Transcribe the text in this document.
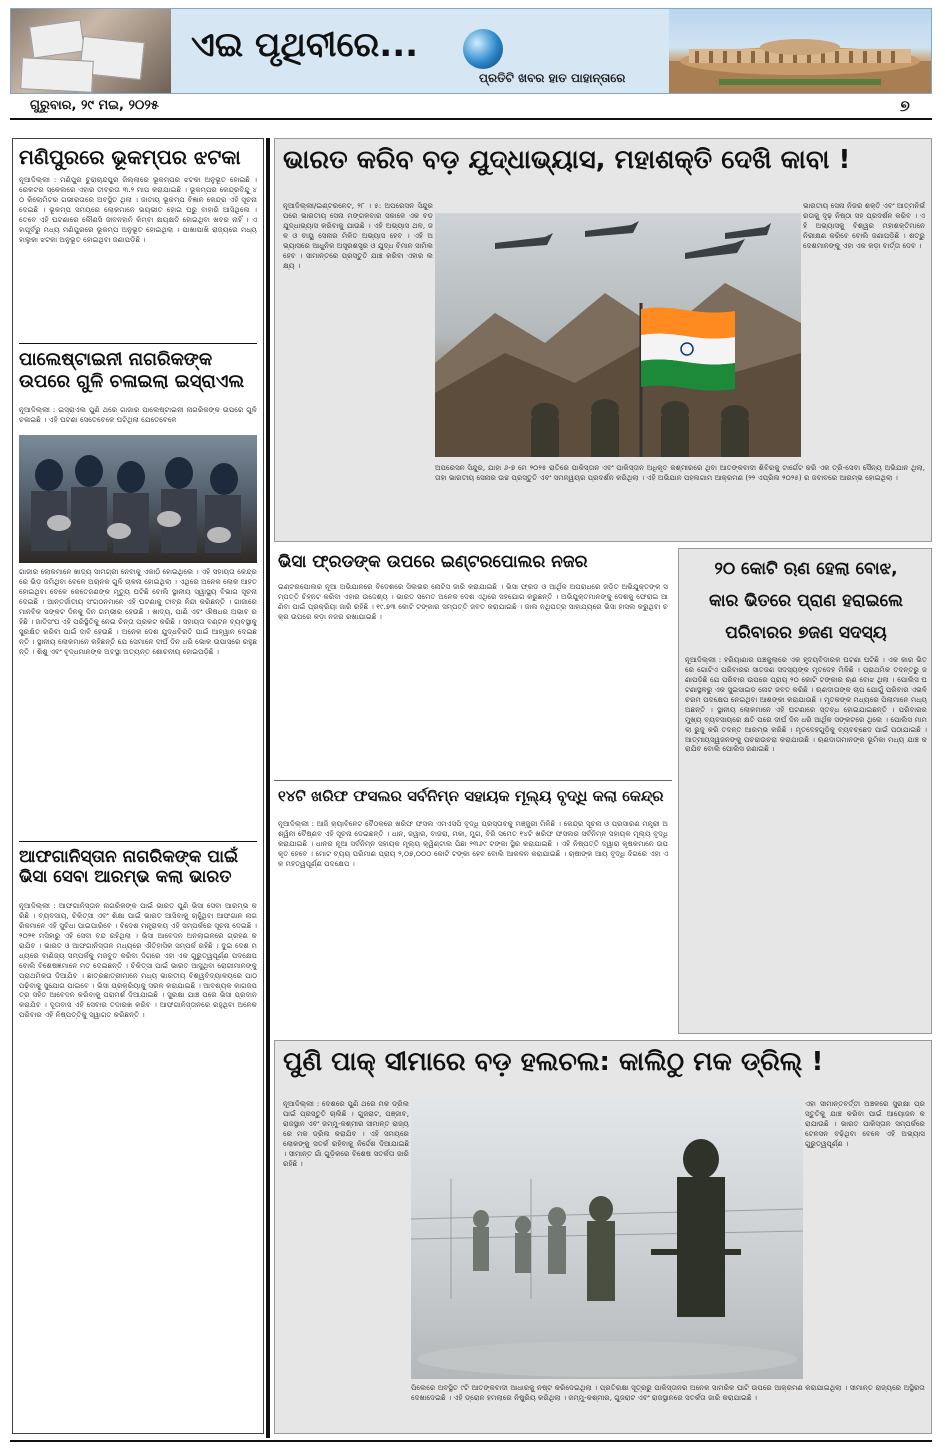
ଏଇ ପୃଥିବୀରେ...
ପ୍ରତିଟି ଖବର ହାତ ପାହାନ୍ତାରେ
ଗୁରୁବାର, ୨୯ ମଇ, ୨୦୨୫	୭
ମଣିପୁରରେ ଭୂକମ୍ପର ଝଟକା
ନୂଆଦିଲ୍ଲୀ : ମଣିପୁର ଚୁରାଚାନ୍ଦପୁର ଜିଲ୍ଲାରେ ଭୂକମ୍ପର ଝଟକା ଅନୁଭୂତ ହୋଇଛି । ରେକଟର ସ୍କେଲରେ ଏହାର ତୀବ୍ରତା ୩.୨ ମାପ କରାଯାଇଛି । ଭୂକମ୍ପର କେନ୍ଦ୍ରବିନ୍ଦୁ ୪୦ କିଲୋମିଟର ଗଭୀରତାରେ ଅବସ୍ଥିତ ଥିଲା । ଜାତୀୟ ଭୂକମ୍ପ ବିଜ୍ଞାନ କେନ୍ଦ୍ର ଏହି ସୂଚନା ଦେଇଛି । ଭୂକମ୍ପ ସମୟରେ ଲୋକମାନେ ଭୟଭୀତ ହୋଇ ଘରୁ ବାହାରି ଆସିଥିଲେ । ତେବେ ଏହି ଘଟଣାରେ କୌଣସି ଜୀବନହାନି କିମ୍ବା କ୍ଷୟକ୍ଷତି ହୋଇଥିବା ଖବର ନାହିଁ । ଏହାପୂର୍ବରୁ ମଧ୍ୟ ମଣିପୁରରେ ଭୂକମ୍ପ ଅନୁଭୂତ ହୋଇଥିଲା । ପାଖାପାଖି ରାଜ୍ୟରେ ମଧ୍ୟ ହାଲୁକା ଝଟକା ଅନୁଭୂତ ହୋଇଥିବା ଜଣାପଡ଼ିଛି ।
ପାଲେଷ୍ଟାଇନୀ ନାଗରିକଙ୍କ ଉପରେ ଗୁଳି ଚଳାଇଲା ଇସ୍ରାଏଲ
ନୂଆଦିଲ୍ଲୀ : ଇସ୍ରାଏଲ ପୁଣି ଥରେ ଗାଜାର ପାଲେଷ୍ଟାଇନୀ ନାଗରିକଙ୍କ ଉପରେ ଗୁଳି ଚଳାଇଛି । ଏହି ଘଟଣା ସେତେବେଳେ ଘଟିଥିଲା ଯେତେବେଳେ
ଗାଜାର ଲୋକମାନେ ଖାଦ୍ୟ ସାମଗ୍ରୀ ନେବାକୁ ଏକାଠି ହୋଇଥିଲେ । ଏହି ସହାୟତା କେନ୍ଦ୍ରରେ ଭିଡ଼ ଜମିଥିବା ବେଳେ ଅଚାନକ ଗୁଳି ଚାଳନା ହୋଇଥିଲା । ଏଥିରେ ଅନେକ ଲୋକ ଆହତ ହୋଇଥିବା ବେଳେ କେତେଜଣଙ୍କ ମୃତ୍ୟୁ ଘଟିଛି ବୋଲି ସ୍ଥାନୀୟ ସ୍ୱାସ୍ଥ୍ୟ ବିଭାଗ ସୂଚନା ଦେଇଛି । ଆନ୍ତର୍ଜାତୀୟ ସଂଗଠନମାନେ ଏହି ଘଟଣାକୁ ତୀବ୍ର ନିନ୍ଦା କରିଛନ୍ତି । ଗାଜାରେ ମାନବିକ ସଙ୍କଟ ଦିନକୁ ଦିନ ଗମ୍ଭୀର ହେଉଛି । ଖାଦ୍ୟ, ପାଣି ଏବଂ ଔଷଧର ଅଭାବ ରହିଛି । ଜାତିସଂଘ ଏହି ପରିସ୍ଥିତିକୁ ନେଇ ଚିନ୍ତା ପ୍ରକଟ କରିଛି । ସହାୟତା ବଣ୍ଟନ ବ୍ୟବସ୍ଥାକୁ ସୁରକ୍ଷିତ କରିବା ପାଇଁ ଦାବି ହେଉଛି । ଅନେକ ଦେଶ ଯୁଦ୍ଧବିରତି ପାଇଁ ଆହ୍ୱାନ ଦେଇଛନ୍ତି । ସ୍ଥାନୀୟ ଲୋକମାନେ କହିଛନ୍ତି ଯେ ସେମାନେ ଦୀର୍ଘ ଦିନ ଧରି ଭୋକ ଉପାସରେ ରହୁଛନ୍ତି । ଶିଶୁ ଏବଂ ବୃଦ୍ଧମାନଙ୍କ ଅବସ୍ଥା ଅତ୍ୟନ୍ତ ଶୋଚନୀୟ ହୋଇପଡ଼ିଛି ।
ଆଫଗାନିସ୍ତାନ ନାଗରିକଙ୍କ ପାଇଁ ଭିସା ସେବା ଆରମ୍ଭ କଲା ଭାରତ
ନୂଆଦିଲ୍ଲୀ : ଆଫଗାନିସ୍ତାନ ନାଗରିକଙ୍କ ପାଇଁ ଭାରତ ପୁଣି ଭିସା ସେବା ଆରମ୍ଭ କରିଛି । ବ୍ୟବସାୟ, ଚିକିତ୍ସା ଏବଂ ଶିକ୍ଷା ପାଇଁ ଭାରତ ଆସିବାକୁ ଚାହୁଁଥିବା ଆଫଗାନ ନାଗରିକମାନେ ଏହି ସୁବିଧା ପାଇପାରିବେ । ବିଦେଶ ମନ୍ତ୍ରାଳୟ ଏହି ସମ୍ପର୍କରେ ସୂଚନା ଦେଇଛି । ୨୦୨୧ ମସିହାରୁ ଏହି ସେବା ବନ୍ଦ ରହିଥିଲା । ଭିସା ଆବେଦନ ଅନଲାଇନରେ ଗ୍ରହଣ କରାଯିବ । ଭାରତ ଓ ଆଫଗାନିସ୍ତାନ ମଧ୍ୟରେ ଐତିହାସିକ ସମ୍ପର୍କ ରହିଛି । ଦୁଇ ଦେଶ ମଧ୍ୟରେ ବାଣିଜ୍ୟ ସମ୍ପର୍କକୁ ମଜବୁତ କରିବା ଦିଗରେ ଏହା ଏକ ଗୁରୁତ୍ୱପୂର୍ଣ୍ଣ ପଦକ୍ଷେପ ବୋଲି ବିଶେଷଜ୍ଞମାନେ ମତ ଦେଇଛନ୍ତି । ଚିକିତ୍ସା ପାଇଁ ଭାରତ ଆସୁଥିବା ରୋଗୀମାନଙ୍କୁ ପ୍ରାଥମିକତା ଦିଆଯିବ । ଛାତ୍ରଛାତ୍ରୀମାନେ ମଧ୍ୟ ଭାରତୀୟ ବିଶ୍ୱବିଦ୍ୟାଳୟରେ ପାଠ ପଢ଼ିବାକୁ ସୁଯୋଗ ପାଇବେ । ଭିସା ପ୍ରକ୍ରିୟାକୁ ସରଳ କରାଯାଇଛି । ଆବଶ୍ୟକ କାଗଜପତ୍ର ସହିତ ଆବେଦନ କରିବାକୁ ପରାମର୍ଶ ଦିଆଯାଇଛି । ସୁରକ୍ଷା ଯାଞ୍ଚ ପରେ ଭିସା ପ୍ରଦାନ କରାଯିବ । ଦୂତାବାସ ଏହି ସେବାର ତଦାରଖ କରିବ । ଆଫଗାନିସ୍ତାନରେ ରହୁଥିବା ଅନେକ ପରିବାର ଏହି ନିଷ୍ପତ୍ତିକୁ ସ୍ୱାଗତ କରିଛନ୍ତି ।
ଭାରତ କରିବ ବଡ଼ ଯୁଦ୍ଧାଭ୍ୟାସ, ମହାଶକ୍ତି ଦେଖି କାବା !
ନୂଆଦିଲ୍ଲୀ/ଇଣ୍ଟରନେଟ, ୨୮ । ୫: ଅପରେସନ ସିନ୍ଦୁର ପରେ ଭାରତୀୟ ସେନା ମଙ୍ଗଳବାର ସକାଳେ ଏକ ବଡ଼ ଯୁଦ୍ଧାଭ୍ୟାସ କରିବାକୁ ଯାଉଛି । ଏହି ଅଭ୍ୟାସ ଥଳ, ଜଳ ଓ ବାୟୁ ସେନାର ମିଳିତ ଅଭ୍ୟାସ ହେବ । ଏହି ଅଭ୍ୟାସରେ ଆଧୁନିକ ଅସ୍ତ୍ରଶସ୍ତ୍ର ଓ ଯୁଦ୍ଧ ବିମାନ ସାମିଲ ହେବ । ସୀମାନ୍ତରେ ପ୍ରସ୍ତୁତି ଯାଞ୍ଚ କରିବା ଏହାର ଲକ୍ଷ୍ୟ ।
ଭାରତୀୟ ସେନା ନିଜର ଶକ୍ତି ଏବଂ ଆତ୍ମନିର୍ଭରତାକୁ ଦୃଢ଼ ନିଷ୍ଠା ସହ ପ୍ରଦର୍ଶନ କରିବ । ଏହି ଅଭ୍ୟାସକୁ ବିଶ୍ୱର ମହାଶକ୍ତିମାନେ ନିରୀକ୍ଷଣ କରିବେ ବୋଲି ଜଣାପଡ଼ିଛି । ଶତ୍ରୁ ଦେଶମାନଙ୍କୁ ଏହା ଏକ କଡ଼ା ବାର୍ତ୍ତା ଦେବ ।
ଅପରେସନ ସିନ୍ଦୁର, ଯାହା ୬-୭ ମେ ୨୦୨୫ ରାତିରେ ପାକିସ୍ତାନ ଏବଂ ପାକିସ୍ତାନ ଅଧିକୃତ କଶ୍ମୀରରେ ଥିବା ଆତଙ୍କବାଦୀ ଶିବିରକୁ ଟାର୍ଗେଟ କରି ଏକ ତ୍ରି-ସେବା ସୈନ୍ୟ ଅଭିଯାନ ଥିଲା, ତାହା ଭାରତୀୟ ସେନାର ଉଚ୍ଚ ପ୍ରସ୍ତୁତି ଏବଂ ସମନ୍ୱୟର ପ୍ରଦର୍ଶନ କରିଥିଲା । ଏହି ଅଭିଯାନ ପହଲଗାମ ଆକ୍ରମଣ (୨୨ ଏପ୍ରିଲ ୨୦୨୫) ର ଜବାବରେ ଆରମ୍ଭ ହୋଇଥିଲା ।
ଭିସା ଫ୍ରଡଙ୍କ ଉପରେ ଇଣ୍ଟରପୋଲର ନଜର
ଇଣ୍ଟରପୋଲର ନୂଆ ଅଭିଯାନରେ ବିଦେଶରେ ସିଲଭର ନୋଟିସ ଜାରି କରାଯାଇଛି । ଭିସା ଫ୍ରଡ ଓ ଆର୍ଥିକ ଅପରାଧରେ ଜଡ଼ିତ ଅଭିଯୁକ୍ତଙ୍କ ସମ୍ପତ୍ତି ଚିହ୍ନଟ କରିବା ଏହାର ଉଦ୍ଦେଶ୍ୟ । ଭାରତ ସମେତ ଅନେକ ଦେଶ ଏଥିରେ ସହଯୋଗ କରୁଛନ୍ତି । ଅଭିଯୁକ୍ତମାନଙ୍କୁ ଦେଶକୁ ଫେରାଇ ଆଣିବା ପାଇଁ ପ୍ରକ୍ରିୟା ଜାରି ରହିଛି । ୧୯.୭୩ କୋଟି ଟଙ୍କାର ସମ୍ପତ୍ତି ଜବତ କରାଯାଇଛି । ଜାଲ ନଥିପତ୍ର ସାହାଯ୍ୟରେ ଭିସା ହାସଲ କରୁଥିବା ଚକ୍ର ଉପରେ କଡ଼ା ନଜର ରଖାଯାଇଛି ।
୨୦ କୋଟି ଋଣ ହେଲା ବୋଝ,
କାର ଭିତରେ ପ୍ରାଣ ହରାଇଲେ
ପରିବାରର ୭ଜଣ ସଦସ୍ୟ
ନୂଆଦିଲ୍ଲୀ : ହରିୟାଣାର ପଞ୍ଚକୁଲାରେ ଏକ ହୃଦୟବିଦାରକ ଘଟଣା ଘଟିଛି । ଏକ କାର ଭିତରେ ଗୋଟିଏ ପରିବାରର ସାତଜଣ ସଦସ୍ୟଙ୍କ ମୃତଦେହ ମିଳିଛି । ପ୍ରାଥମିକ ତଦନ୍ତରୁ ଜଣାପଡ଼ିଛି ଯେ ପରିବାର ଉପରେ ପ୍ରାୟ ୨୦ କୋଟି ଟଙ୍କାର ଋଣ ବୋଝ ଥିଲା । ପୋଲିସ ଘଟଣାସ୍ଥଳରୁ ଏକ ସୁଇସାଇଡ ନୋଟ ଜବତ କରିଛି । ଋଣଦାତାଙ୍କ ଚାପ ଯୋଗୁଁ ପରିବାର ଏଭଳି ଚରମ ପଦକ୍ଷେପ ନେଇଥିବା ଆଶଙ୍କା କରାଯାଉଛି । ମୃତକଙ୍କ ମଧ୍ୟରେ ପିଲାମାନେ ମଧ୍ୟ ଅଛନ୍ତି । ସ୍ଥାନୀୟ ଲୋକମାନେ ଏହି ଘଟଣାରେ ସ୍ତବ୍ଧ ହୋଇଯାଇଛନ୍ତି । ପରିବାରର ମୁଖ୍ୟ ବ୍ୟବସାୟରେ କ୍ଷତି ପରେ ଦୀର୍ଘ ଦିନ ଧରି ଆର୍ଥିକ ସଙ୍କଟରେ ଥିଲେ । ପୋଲିସ ମାମଲା ରୁଜୁ କରି ତଦନ୍ତ ଆରମ୍ଭ କରିଛି । ମୃତଦେହଗୁଡ଼ିକୁ ବ୍ୟବଚ୍ଛେଦ ପାଇଁ ପଠାଯାଇଛି । ଆତ୍ମୀୟସ୍ୱଜନଙ୍କୁ ପଚରାଉଚରା କରାଯାଉଛି । ଋଣଦାତାମାନଙ୍କ ଭୂମିକା ମଧ୍ୟ ଯାଞ୍ଚ କରାଯିବ ବୋଲି ପୋଲିସ ଜଣାଇଛି ।
୧୪ଟି ଖରିଫ ଫସଲର ସର୍ବନିମ୍ନ ସହାୟକ ମୂଲ୍ୟ ବୃଦ୍ଧି କଲା କେନ୍ଦ୍ର
ନୂଆଦିଲ୍ଲୀ : ଆଜି କ୍ୟାବିନେଟ ବୈଠକରେ ଖରିଫ ଫସଲ ଏମଏସପି ବୃଦ୍ଧି ପ୍ରସ୍ତାବକୁ ମଞ୍ଜୁରୀ ମିଳିଛି । କେନ୍ଦ୍ର ସୂଚନା ଓ ପ୍ରସାରଣ ମନ୍ତ୍ରୀ ଅଶ୍ୱିନୀ ବୈଷ୍ଣବ ଏହି ସୂଚନା ଦେଇଛନ୍ତି । ଧାନ, ଜୱାର, ବାଜରା, ମକା, ମୁଗ, ବିରି ସମେତ ୧୪ଟି ଖରିଫ ଫସଲର ସର୍ବନିମ୍ନ ସହାୟକ ମୂଲ୍ୟ ବୃଦ୍ଧି କରାଯାଇଛି । ଧାନର ନୂଆ ସର୍ବନିମ୍ନ ସହାୟକ ମୂଲ୍ୟ କ୍ୱିଣ୍ଟାଲ ପିଛା ୨୩୬୯ ଟଙ୍କା ସ୍ଥିର କରାଯାଇଛି । ଏହି ନିଷ୍ପତ୍ତି ଦ୍ୱାରା କୃଷକମାନେ ଉପକୃତ ହେବେ । ମୋଟ ବ୍ୟୟ ପରିମାଣ ପ୍ରାୟ ୨,୦୭,୦୦୦ କୋଟି ଟଙ୍କା ହେବ ବୋଲି ଆକଳନ କରାଯାଇଛି । ଚାଷୀଙ୍କ ଆୟ ବୃଦ୍ଧି ଦିଗରେ ଏହା ଏକ ମହତ୍ୱପୂର୍ଣ୍ଣ ପଦକ୍ଷେପ ।
ପୁଣି ପାକ୍ ସୀମାରେ ବଡ଼ ହଲଚଲ: କାଲିଠୁ ମକ ଡ୍ରିଲ୍ !
ନୂଆଦିଲ୍ଲୀ : ଦେଶରେ ପୁଣି ଥରେ ମକ ଡ୍ରିଲ ପାଇଁ ପ୍ରସ୍ତୁତି ଚାଲିଛି । ଗୁଜରାଟ, ପଞ୍ଜାବ, ରାଜସ୍ଥାନ ଏବଂ ଜମ୍ମୁ-କଶ୍ମୀର ସୀମାନ୍ତ ରାଜ୍ୟରେ ମକ ଡ୍ରିଲ କରାଯିବ । ଏହି ସମୟରେ ଲୋକଙ୍କୁ ସତର୍କ ରହିବାକୁ ନିର୍ଦ୍ଦେଶ ଦିଆଯାଇଛି । ସୀମାନ୍ତ ଗାଁ ଗୁଡ଼ିକରେ ବିଶେଷ ସତର୍କତା ଜାରି ରହିଛି ।
ଏହା ସୀମାନ୍ତବର୍ତ୍ତୀ ଅଞ୍ଚଳରେ ସୁରକ୍ଷା ପ୍ରସ୍ତୁତିକୁ ଯାଞ୍ଚ କରିବା ପାଇଁ ଆୟୋଜନ କରାଯାଉଛି । ଭାରତ ପାକିସ୍ତାନ ସମ୍ପର୍କରେ ଟେନସନ ବଢ଼ିଥିବା ବେଳେ ଏହି ଅଭ୍ୟାସ ଗୁରୁତ୍ୱପୂର୍ଣ୍ଣ ।
ପିଲେରେ ଅବସ୍ଥିତ ୯ଟି ଆତଙ୍କବାଦୀ ଆଧାରକୁ ନଷ୍ଟ କରିଦେଇଥିଲା । ପ୍ରତିରକ୍ଷା ସୂତ୍ରରୁ ପାକିସ୍ତାନର ଅନେକ ସାମରିକ ଘାଟି ଉପରେ ଆକ୍ରମଣ କରାଯାଇଥିଲା । ସୀମାନ୍ତ ରାଜ୍ୟରେ ଅସ୍ଥିରତା ଦେଖାଦେଇଛି । ଏହି ଡ୍ରୋନ ହମଲାରେ ନିଷ୍କ୍ରିୟ କରିଥିଲା । ଜମ୍ମୁ-କଶ୍ମୀର, ଗୁଜରାଟ ଏବଂ ରାଜସ୍ଥାନରେ ସତର୍କତା ଜାରି କରାଯାଇଛି ।
